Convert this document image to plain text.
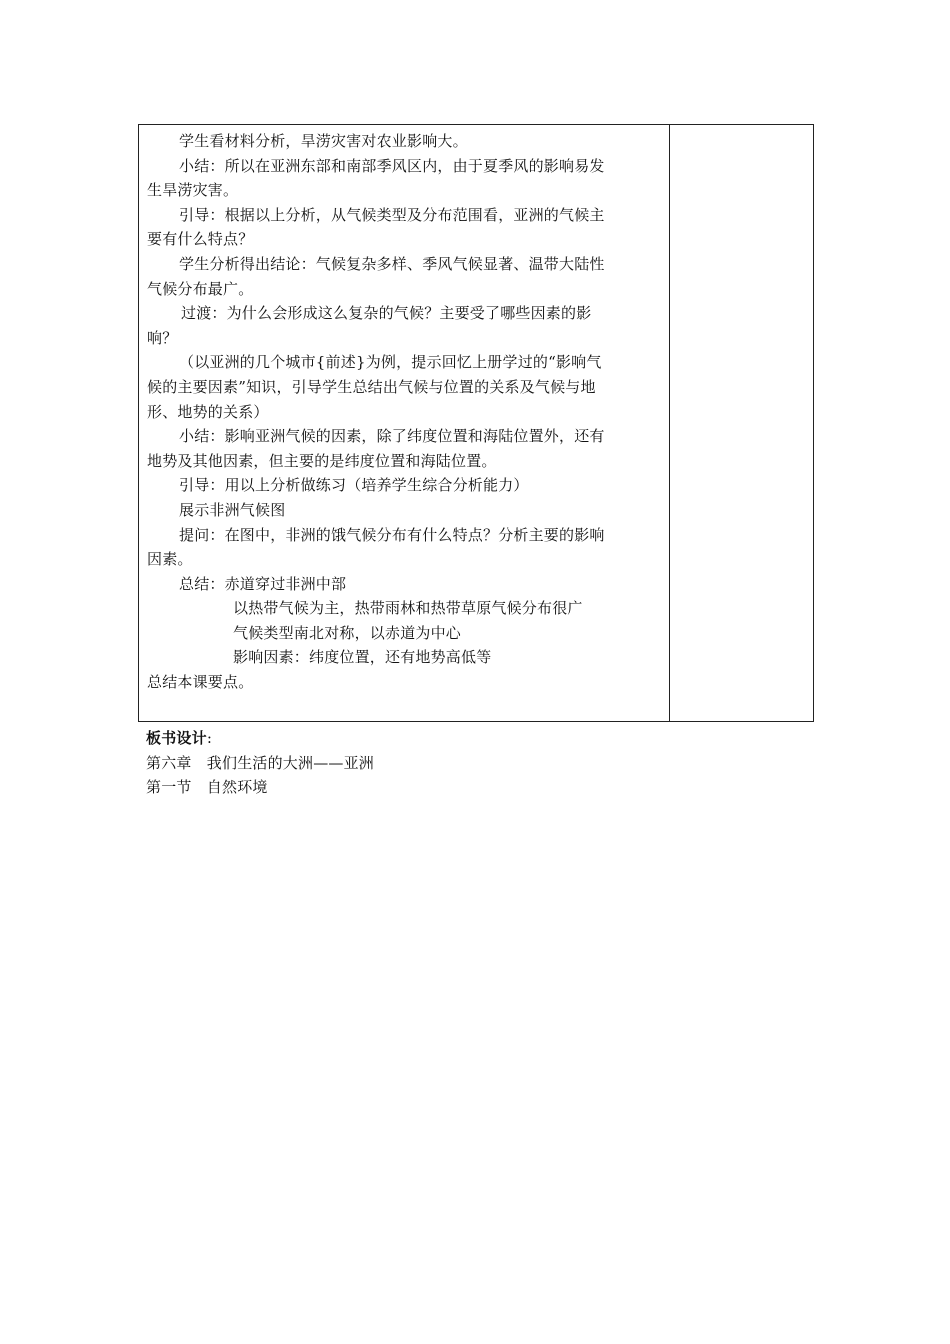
学生看材料分析，旱涝灾害对农业影响大。
小结：所以在亚洲东部和南部季风区内，由于夏季风的影响易发
生旱涝灾害。
引导：根据以上分析，从气候类型及分布范围看，亚洲的气候主
要有什么特点？
学生分析得出结论：气候复杂多样、季风气候显著、温带大陆性
气候分布最广。
过渡：为什么会形成这么复杂的气候？主要受了哪些因素的影
响？
（以亚洲的几个城市{前述}为例，提示回忆上册学过的“影响气
候的主要因素”知识，引导学生总结出气候与位置的关系及气候与地
形、地势的关系）
小结：影响亚洲气候的因素，除了纬度位置和海陆位置外，还有
地势及其他因素，但主要的是纬度位置和海陆位置。
引导：用以上分析做练习（培养学生综合分析能力）
展示非洲气候图
提问：在图中，非洲的饿气候分布有什么特点？分析主要的影响
因素。
总结：赤道穿过非洲中部
以热带气候为主，热带雨林和热带草原气候分布很广
气候类型南北对称，以赤道为中心
影响因素：纬度位置，还有地势高低等
总结本课要点。
板书设计:
第六章　我们生活的大洲——亚洲
第一节　自然环境
